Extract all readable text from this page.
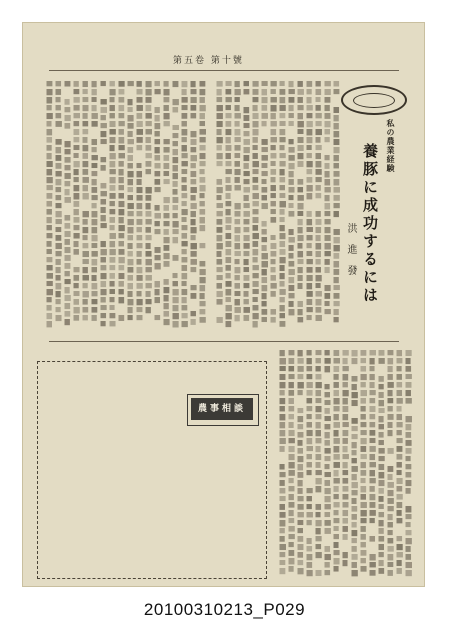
第五卷 第十號
私の農業経験
養豚に成功するには
洪 進 發
農事相談
20100310213_P029
